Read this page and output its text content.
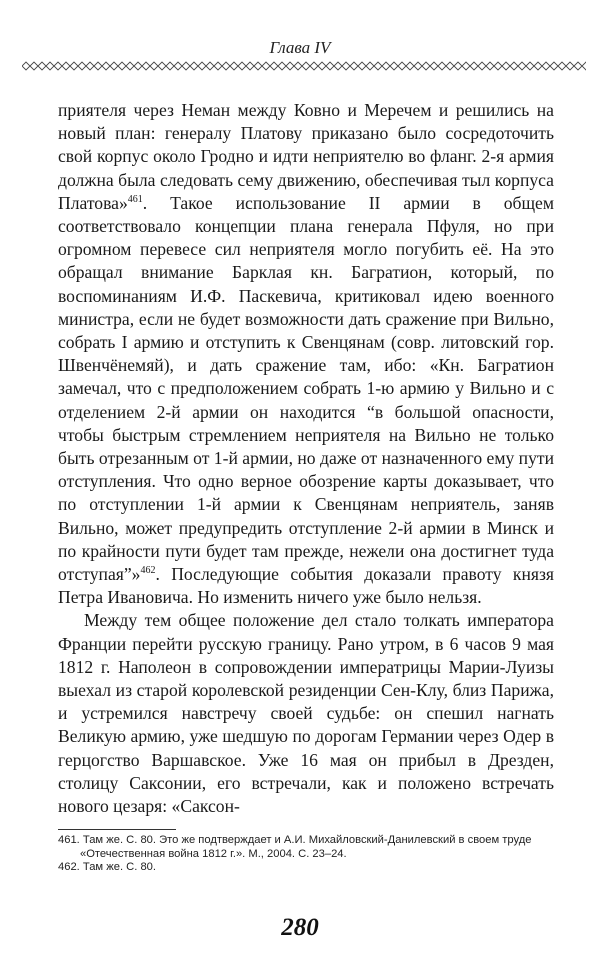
Глава IV

приятеля через Неман между Ковно и Меречем и решились на новый план: генералу Платову приказано было сосредоточить свой корпус около Гродно и идти неприятелю во фланг. 2-я армия должна была следовать сему движению, обеспечивая тыл корпуса Платова»$^{461}$. Такое использование II армии в общем соответствовало концепции плана генерала Пфуля, но при огромном перевесе сил неприятеля могло погубить её. На это обращал внимание Барклая кн. Багратион, который, по воспоминаниям И.Ф. Паскевича, критиковал идею военного министра, если не будет возможности дать сражение при Вильно, собрать I армию и отступить к Свенцянам (совр. литовский гор. Швенчёнемяй), и дать сражение там, ибо: «Кн. Багратион замечал, что с предположением собрать 1-ю армию у Вильно и с отделением 2-й армии он находится “в большой опасности, чтобы быстрым стремлением неприятеля на Вильно не только быть отрезанным от 1-й армии, но даже от назначенного ему пути отступления. Что одно верное обозрение карты доказывает, что по отступлении 1-й армии к Свенцянам неприятель, заняв Вильно, может предупредить отступление 2-й армии в Минск и по крайности пути будет там прежде, нежели она достигнет туда отступая”»$^{462}$. Последующие события доказали правоту князя Петра Ивановича. Но изменить ничего уже было нельзя.

Между тем общее положение дел стало толкать императора Франции перейти русскую границу. Рано утром, в 6 часов 9 мая 1812 г. Наполеон в сопровождении императрицы Марии-Луизы выехал из старой королевской резиденции Сен-Клу, близ Парижа, и устремился навстречу своей судьбе: он спешил нагнать Великую армию, уже шедшую по дорогам Германии через Одер в герцогство Варшавское. Уже 16 мая он прибыл в Дрезден, столицу Саксонии, его встречали, как и положено встречать нового цезаря: «Саксон-

461. Там же. С. 80. Это же подтверждает и А.И. Михайловский-Данилевский в своем труде «Отечественная война 1812 г.». М., 2004. С. 23–24.

462. Там же. С. 80.

280
